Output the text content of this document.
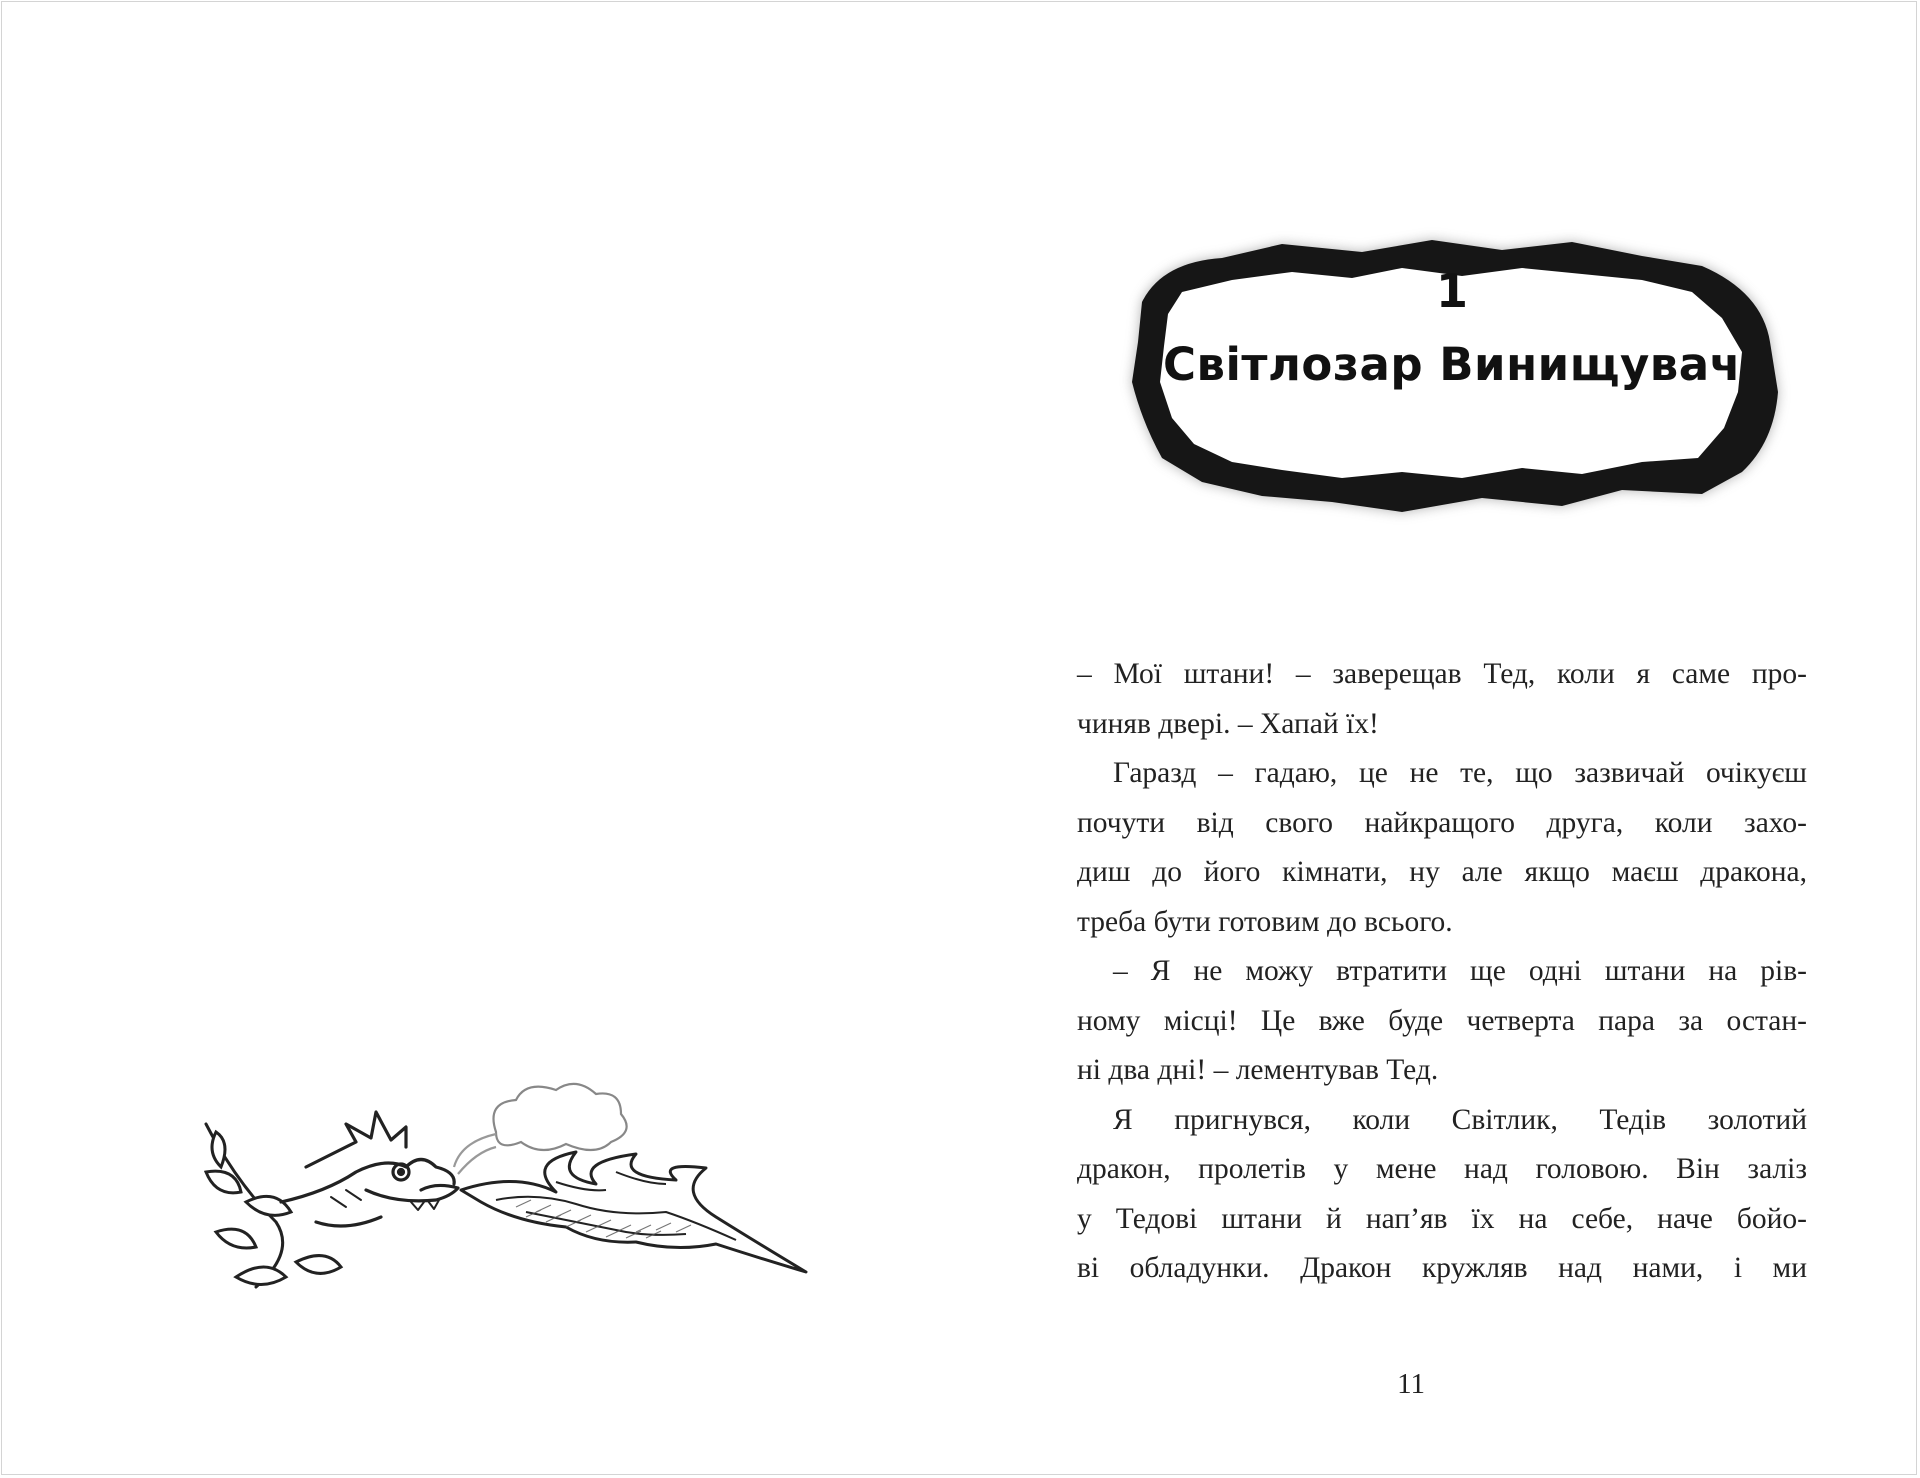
1
Світлозар Винищувач
– Мої штани! – заверещав Тед, коли я саме про-
чиняв двері. – Хапай їх!
Гаразд – гадаю, це не те, що зазвичай очікуєш
почути від свого найкращого друга, коли захо-
диш до його кімнати, ну але якщо маєш дракона,
треба бути готовим до всього.
– Я не можу втратити ще одні штани на рів-
ному місці! Це вже буде четверта пара за остан-
ні два дні! – лементував Тед.
Я пригнувся, коли Світлик, Тедів золотий
дракон, пролетів у мене над головою. Він заліз
у Тедові штани й нап’яв їх на себе, наче бойо-
ві обладунки. Дракон кружляв над нами, і ми
11
